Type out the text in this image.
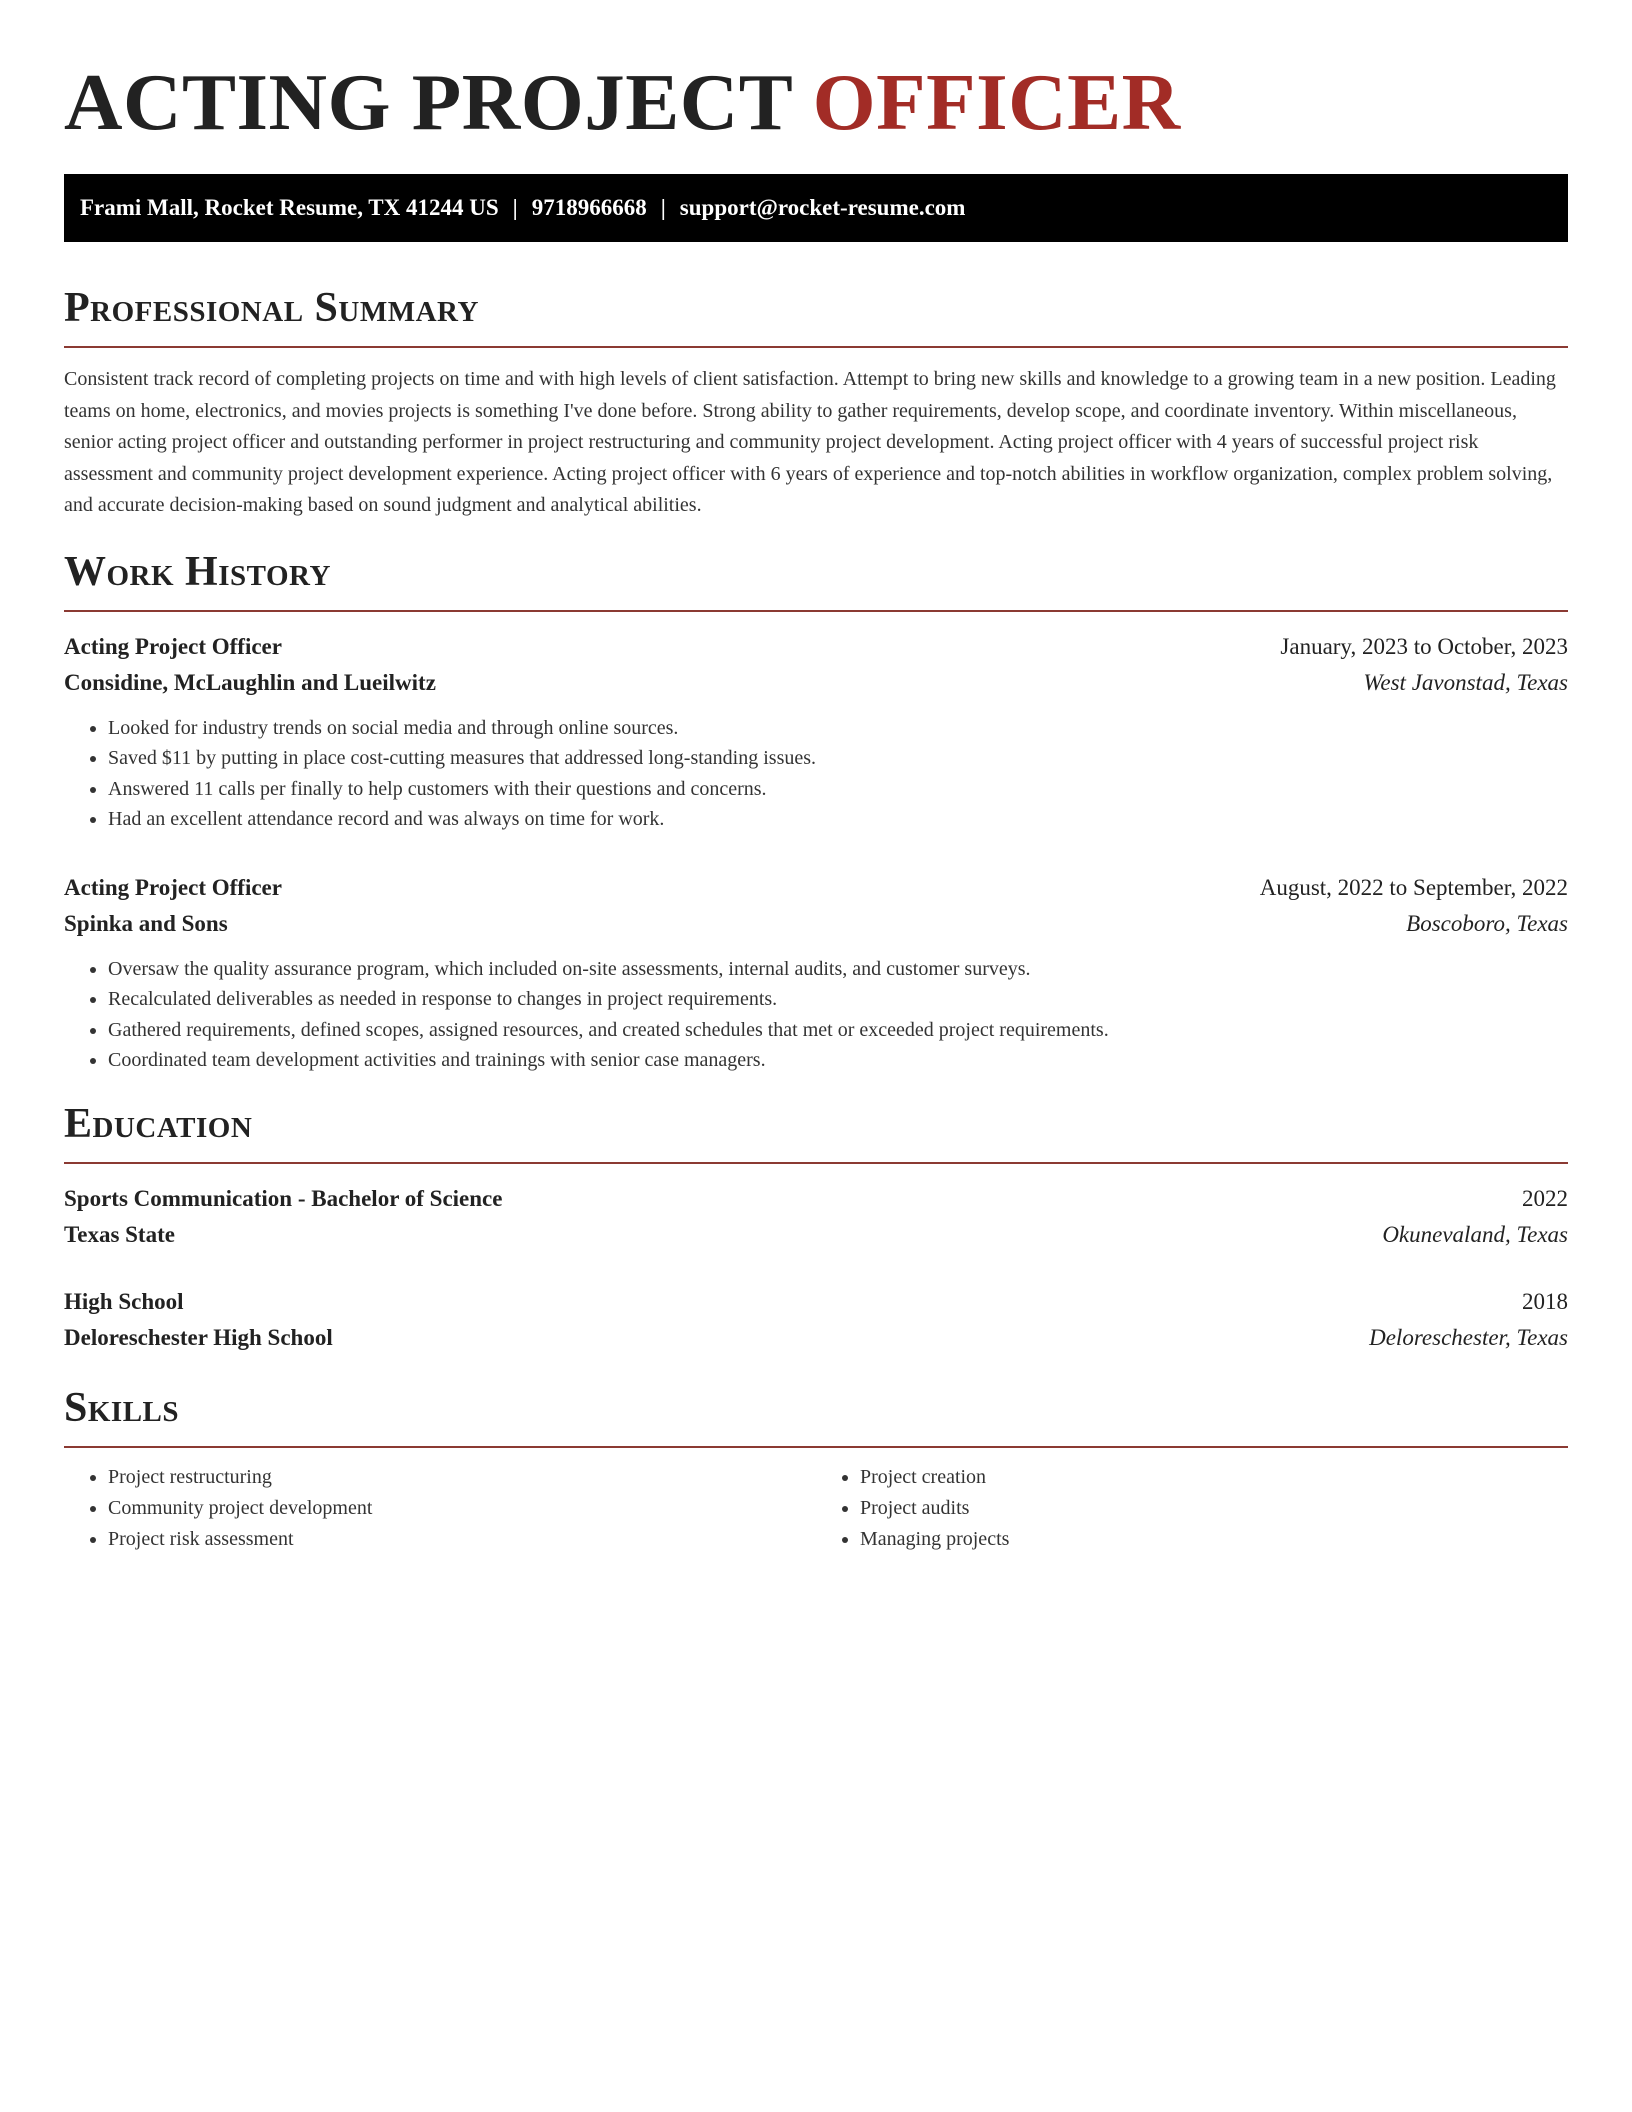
ACTING PROJECT OFFICER
Frami Mall, Rocket Resume, TX 41244 US | 9718966668 | support@rocket-resume.com
Professional Summary

Consistent track record of completing projects on time and with high levels of client satisfaction. Attempt to bring new skills and knowledge to a growing team in a new position. Leading teams on home, electronics, and movies projects is something I've done before. Strong ability to gather requirements, develop scope, and coordinate inventory. Within miscellaneous, senior acting project officer and outstanding performer in project restructuring and community project development. Acting project officer with 4 years of successful project risk assessment and community project development experience. Acting project officer with 6 years of experience and top-notch abilities in workflow organization, complex problem solving, and accurate decision-making based on sound judgment and analytical abilities.

Work History
Acting Project Officer	January, 2023 to October, 2023
Considine, McLaughlin and Lueilwitz	West Javonstad, Texas
• Looked for industry trends on social media and through online sources.
• Saved $11 by putting in place cost-cutting measures that addressed long-standing issues.
• Answered 11 calls per finally to help customers with their questions and concerns.
• Had an excellent attendance record and was always on time for work.
Acting Project Officer	August, 2022 to September, 2022
Spinka and Sons	Boscoboro, Texas
• Oversaw the quality assurance program, which included on-site assessments, internal audits, and customer surveys.
• Recalculated deliverables as needed in response to changes in project requirements.
• Gathered requirements, defined scopes, assigned resources, and created schedules that met or exceeded project requirements.
• Coordinated team development activities and trainings with senior case managers.
Education
Sports Communication - Bachelor of Science	2022
Texas State	Okunevaland, Texas
High School	2018
Deloreschester High School	Deloreschester, Texas
Skills
• Project restructuring
• Community project development
• Project risk assessment
• Project creation
• Project audits
• Managing projects
